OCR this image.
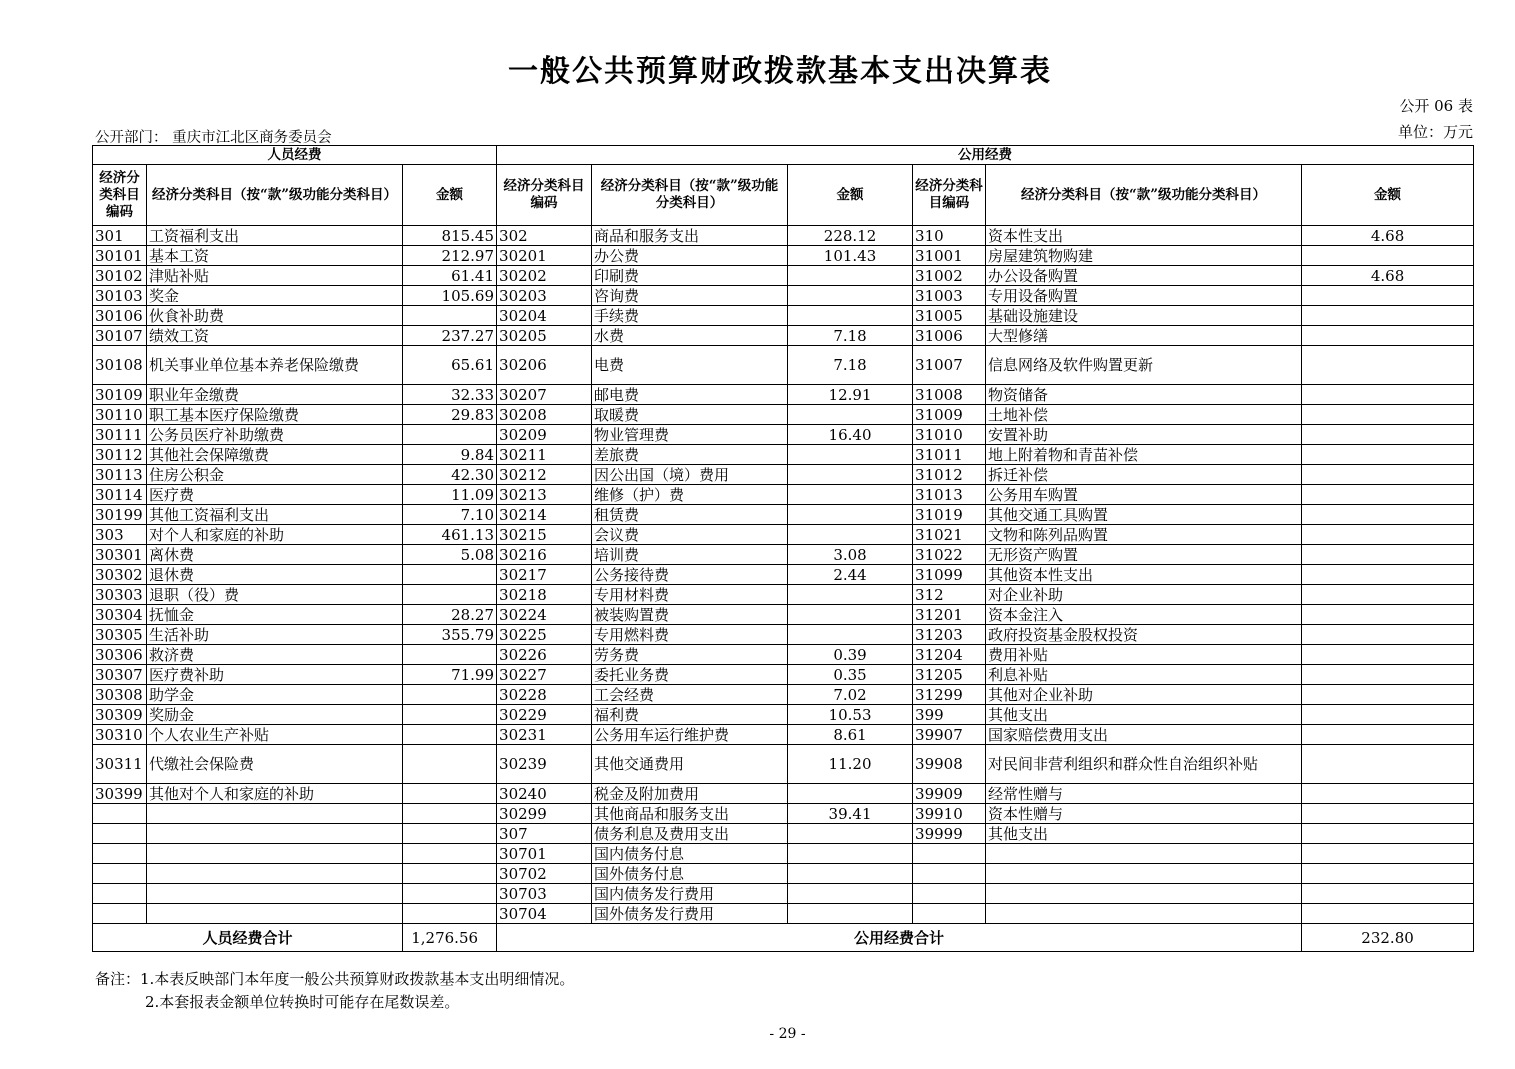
一般公共预算财政拨款基本支出决算表
公开 06 表
单位：万元
公开部门： 重庆市江北区商务委员会
人员经费			公用经费					
经济分类科目编码	经济分类科目（按“款”级功能分类科目）	金额	经济分类科目编码	经济分类科目（按“款”级功能分类科目）	金额	经济分类科目编码	经济分类科目（按“款”级功能分类科目）	金额
301	工资福利支出	815.45	302	商品和服务支出	228.12	310	资本性支出	4.68
30101	基本工资	212.97	30201	办公费	101.43	31001	房屋建筑物购建	
30102	津贴补贴	61.41	30202	印刷费		31002	办公设备购置	4.68
30103	奖金	105.69	30203	咨询费		31003	专用设备购置	
30106	伙食补助费		30204	手续费		31005	基础设施建设	
30107	绩效工资	237.27	30205	水费	7.18	31006	大型修缮	
30108	机关事业单位基本养老保险缴费	65.61	30206	电费	7.18	31007	信息网络及软件购置更新	
30109	职业年金缴费	32.33	30207	邮电费	12.91	31008	物资储备	
30110	职工基本医疗保险缴费	29.83	30208	取暖费		31009	土地补偿	
30111	公务员医疗补助缴费		30209	物业管理费	16.40	31010	安置补助	
30112	其他社会保障缴费	9.84	30211	差旅费		31011	地上附着物和青苗补偿	
30113	住房公积金	42.30	30212	因公出国（境）费用		31012	拆迁补偿	
30114	医疗费	11.09	30213	维修（护）费		31013	公务用车购置	
30199	其他工资福利支出	7.10	30214	租赁费		31019	其他交通工具购置	
303	对个人和家庭的补助	461.13	30215	会议费		31021	文物和陈列品购置	
30301	离休费	5.08	30216	培训费	3.08	31022	无形资产购置	
30302	退休费		30217	公务接待费	2.44	31099	其他资本性支出	
30303	退职（役）费		30218	专用材料费		312	对企业补助	
30304	抚恤金	28.27	30224	被装购置费		31201	资本金注入	
30305	生活补助	355.79	30225	专用燃料费		31203	政府投资基金股权投资	
30306	救济费		30226	劳务费	0.39	31204	费用补贴	
30307	医疗费补助	71.99	30227	委托业务费	0.35	31205	利息补贴	
30308	助学金		30228	工会经费	7.02	31299	其他对企业补助	
30309	奖励金		30229	福利费	10.53	399	其他支出	
30310	个人农业生产补贴		30231	公务用车运行维护费	8.61	39907	国家赔偿费用支出	
30311	代缴社会保险费		30239	其他交通费用	11.20	39908	对民间非营利组织和群众性自治组织补贴	
30399	其他对个人和家庭的补助		30240	税金及附加费用		39909	经常性赠与	
			30299	其他商品和服务支出	39.41	39910	资本性赠与	
			307	债务利息及费用支出		39999	其他支出	
			30701	国内债务付息				
			30702	国外债务付息				
			30703	国内债务发行费用				
			30704	国外债务发行费用				
人员经费合计		1,276.56	公用经费合计					232.80
备注：1.本表反映部门本年度一般公共预算财政拨款基本支出明细情况。
2.本套报表金额单位转换时可能存在尾数误差。
- 29 -
